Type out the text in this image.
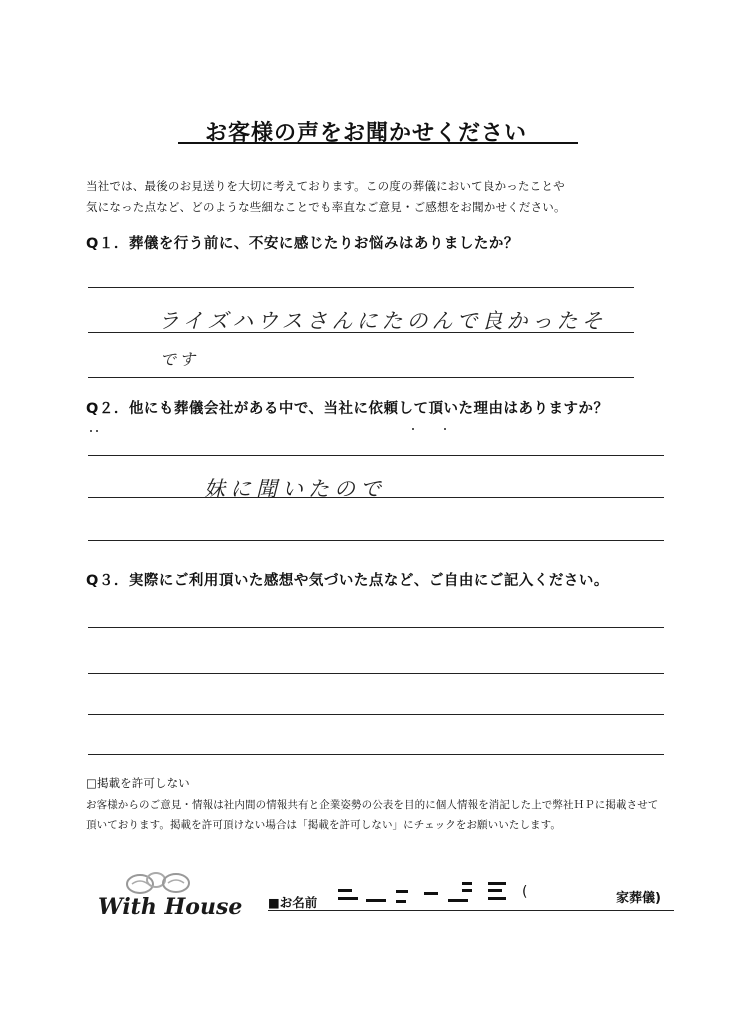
お客様の声をお聞かせください
当社では、最後のお見送りを大切に考えております。この度の葬儀において良かったことや
気になった点など、どのような些細なことでも率直なご意見・ご感想をお聞かせください。
Q１．葬儀を行う前に、不安に感じたりお悩みはありましたか？
ライズハウスさんにたのんで良かったそ
です
Q２．他にも葬儀会社がある中で、当社に依頼して頂いた理由はありますか？
妹に聞いたので
Q３．実際にご利用頂いた感想や気づいた点など、ご自由にご記入ください。
□掲載を許可しない
お客様からのご意見・情報は社内間の情報共有と企業姿勢の公表を目的に個人情報を消記した上で弊社ＨＰに掲載させて
頂いております。掲載を許可頂けない場合は「掲載を許可しない」にチェックをお願いいたします。
With House ■お名前
(	家葬儀)
